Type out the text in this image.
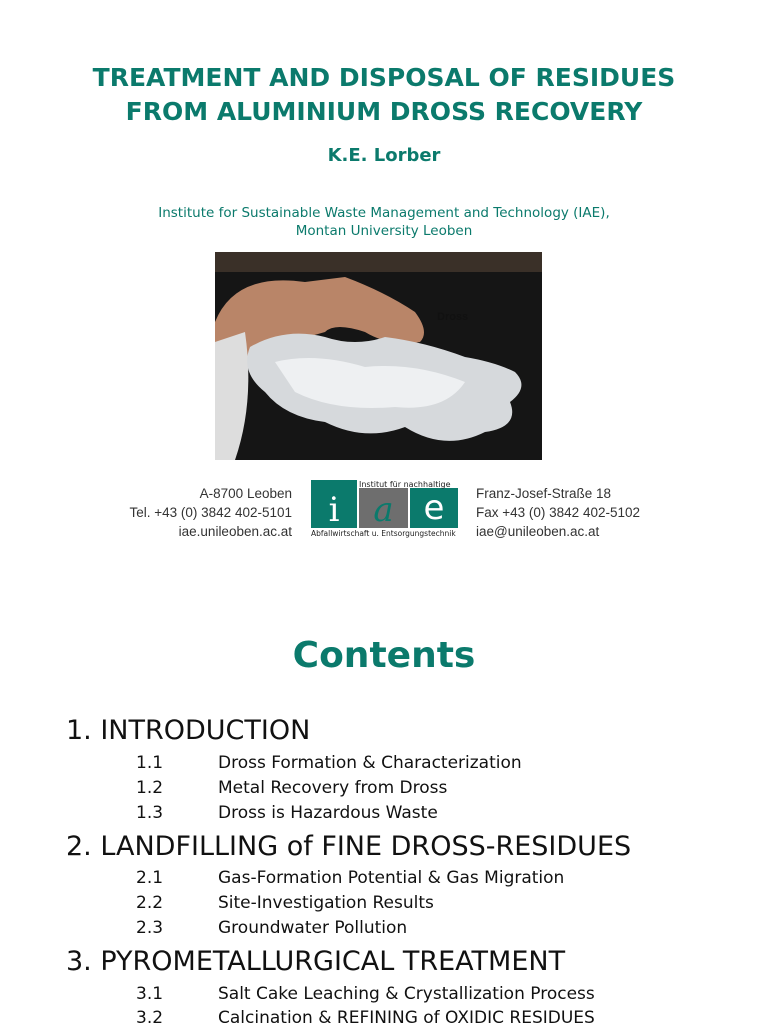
TREATMENT AND DISPOSAL OF RESIDUES
FROM ALUMINIUM DROSS RECOVERY
K.E. Lorber
Institute for Sustainable Waste Management and Technology (IAE),
Montan University Leoben
Dross
A-8700 Leoben
Tel. +43 (0) 3842 402-5101
iae.unileoben.ac.at
Institut für nachhaltige
i a e
Abfallwirtschaft u. Entsorgungstechnik
Franz-Josef-Straße 18
Fax +43 (0) 3842 402-5102
iae@unileoben.ac.at
Contents
1. INTRODUCTION
1.1	Dross Formation & Characterization
1.2	Metal Recovery from Dross
1.3	Dross is Hazardous Waste
2. LANDFILLING of FINE DROSS-RESIDUES
2.1	Gas-Formation Potential & Gas Migration
2.2	Site-Investigation Results
2.3	Groundwater Pollution
3. PYROMETALLURGICAL TREATMENT
3.1	Salt Cake Leaching & Crystallization Process
3.2	Calcination & REFINING of OXIDIC RESIDUES
